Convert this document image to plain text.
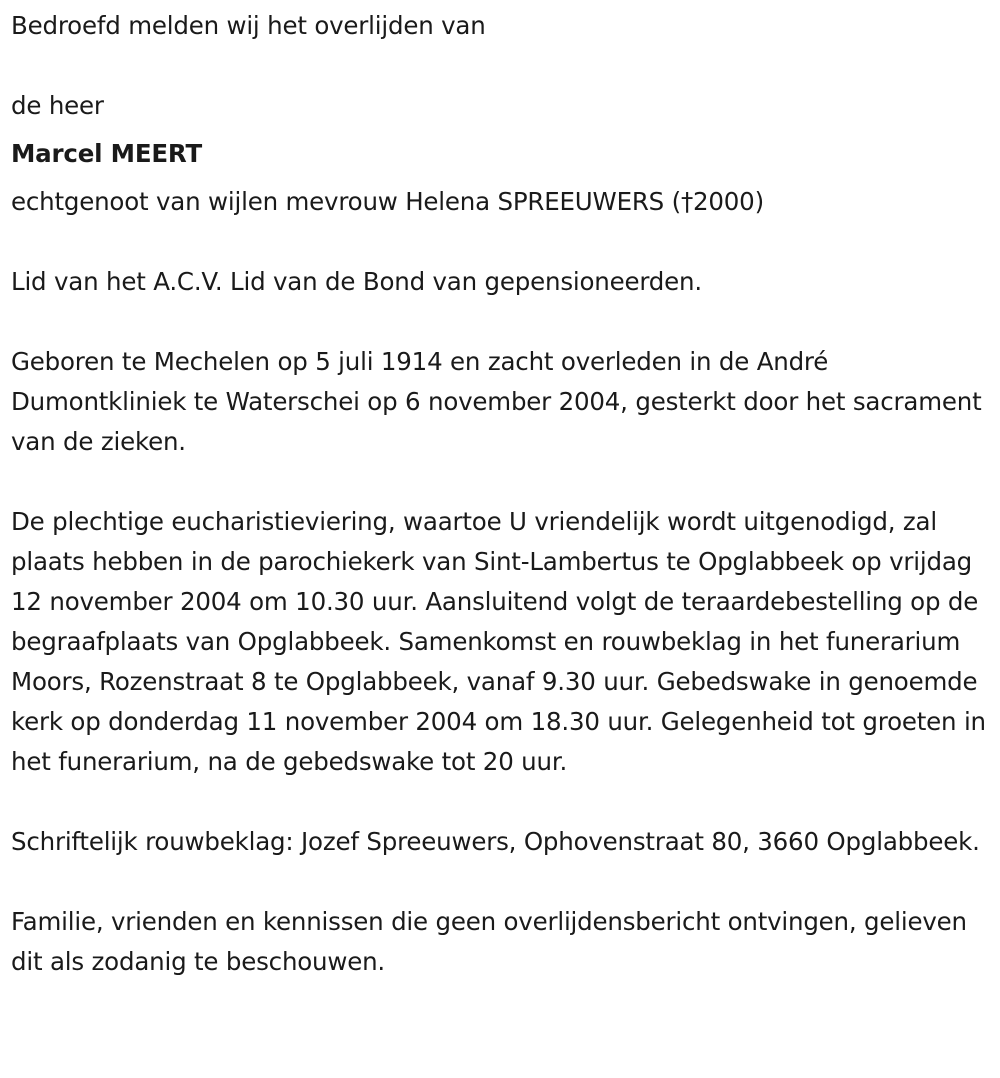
Bedroefd melden wij het overlijden van

de heer

Marcel MEERT

echtgenoot van wijlen mevrouw Helena SPREEUWERS (†2000)

Lid van het A.C.V. Lid van de Bond van gepensioneerden.

Geboren te Mechelen op 5 juli 1914 en zacht overleden in de André Dumontkliniek te Waterschei op 6 november 2004, gesterkt door het sacrament van de zieken.

De plechtige eucharistieviering, waartoe U vriendelijk wordt uitgenodigd, zal plaats hebben in de parochiekerk van Sint-Lambertus te Opglabbeek op vrijdag 12 november 2004 om 10.30 uur. Aansluitend volgt de teraardebestelling op de begraafplaats van Opglabbeek. Samenkomst en rouwbeklag in het funerarium Moors, Rozenstraat 8 te Opglabbeek, vanaf 9.30 uur. Gebedswake in genoemde kerk op donderdag 11 november 2004 om 18.30 uur. Gelegenheid tot groeten in het funerarium, na de gebedswake tot 20 uur.

Schriftelijk rouwbeklag: Jozef Spreeuwers, Ophovenstraat 80, 3660 Opglabbeek.

Familie, vrienden en kennissen die geen overlijdensbericht ontvingen, gelieven dit als zodanig te beschouwen.
